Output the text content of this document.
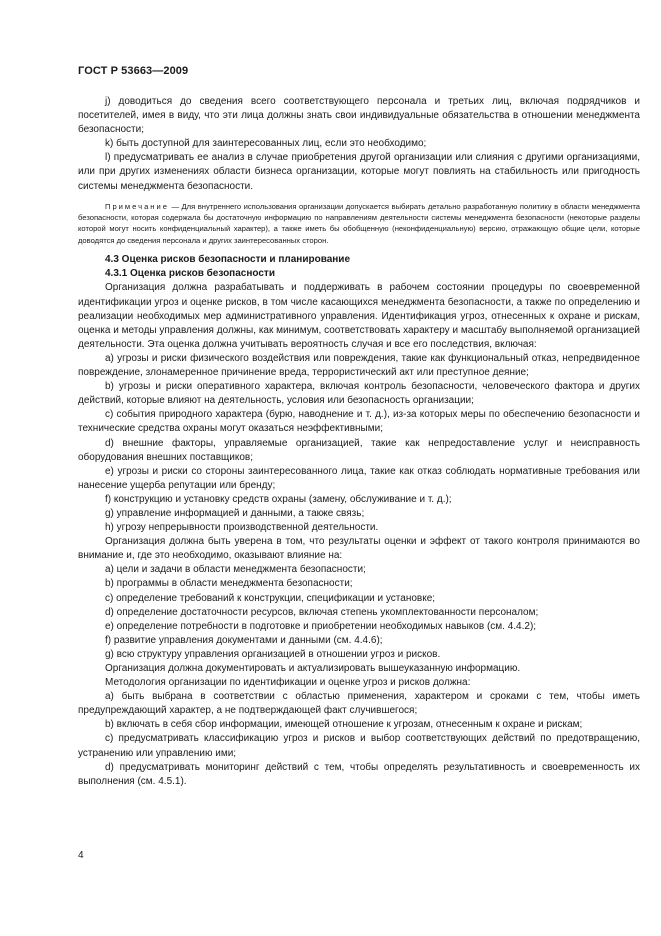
ГОСТ Р 53663—2009

j) доводиться до сведения всего соответствующего персонала и третьих лиц, включая подрядчиков и посетителей, имея в виду, что эти лица должны знать свои индивидуальные обязательства в отношении менеджмента безопасности;

k) быть доступной для заинтересованных лиц, если это необходимо;

l) предусматривать ее анализ в случае приобретения другой организации или слияния с другими организациями, или при других изменениях области бизнеса организации, которые могут повлиять на стабильность или пригодность системы менеджмента безопасности.

Примечание — Для внутреннего использования организации допускается выбирать детально разработанную политику в области менеджмента безопасности, которая содержала бы достаточную информацию по направлениям деятельности системы менеджмента безопасности (некоторые разделы которой могут носить конфиденциальный характер), а также иметь бы обобщенную (неконфиденциальную) версию, отражающую общие цели, которые доводятся до сведения персонала и других заинтересованных сторон.

4.3 Оценка рисков безопасности и планирование
4.3.1 Оценка рисков безопасности

Организация должна разрабатывать и поддерживать в рабочем состоянии процедуры по своевременной идентификации угроз и оценке рисков, в том числе касающихся менеджмента безопасности, а также по определению и реализации необходимых мер административного управления. Идентификация угроз, отнесенных к охране и рискам, оценка и методы управления должны, как минимум, соответствовать характеру и масштабу выполняемой организацией деятельности. Эта оценка должна учитывать вероятность случая и все его последствия, включая:

a) угрозы и риски физического воздействия или повреждения, такие как функциональный отказ, непредвиденное повреждение, злонамеренное причинение вреда, террористический акт или преступное деяние;

b) угрозы и риски оперативного характера, включая контроль безопасности, человеческого фактора и других действий, которые влияют на деятельность, условия или безопасность организации;

c) события природного характера (бурю, наводнение и т. д.), из-за которых меры по обеспечению безопасности и технические средства охраны могут оказаться неэффективными;

d) внешние факторы, управляемые организацией, такие как непредоставление услуг и неисправность оборудования внешних поставщиков;

e) угрозы и риски со стороны заинтересованного лица, такие как отказ соблюдать нормативные требования или нанесение ущерба репутации или бренду;

f) конструкцию и установку средств охраны (замену, обслуживание и т. д.);

g) управление информацией и данными, а также связь;

h) угрозу непрерывности производственной деятельности.

Организация должна быть уверена в том, что результаты оценки и эффект от такого контроля принимаются во внимание и, где это необходимо, оказывают влияние на:

a) цели и задачи в области менеджмента безопасности;

b) программы в области менеджмента безопасности;

c) определение требований к конструкции, спецификации и установке;

d) определение достаточности ресурсов, включая степень укомплектованности персоналом;

e) определение потребности в подготовке и приобретении необходимых навыков (см. 4.4.2);

f) развитие управления документами и данными (см. 4.4.6);

g) всю структуру управления организацией в отношении угроз и рисков.

Организация должна документировать и актуализировать вышеуказанную информацию.

Методология организации по идентификации и оценке угроз и рисков должна:

a) быть выбрана в соответствии с областью применения, характером и сроками с тем, чтобы иметь предупреждающий характер, а не подтверждающей факт случившегося;

b) включать в себя сбор информации, имеющей отношение к угрозам, отнесенным к охране и рискам;

c) предусматривать классификацию угроз и рисков и выбор соответствующих действий по предотвращению, устранению или управлению ими;

d) предусматривать мониторинг действий с тем, чтобы определять результативность и своевременность их выполнения (см. 4.5.1).

4
